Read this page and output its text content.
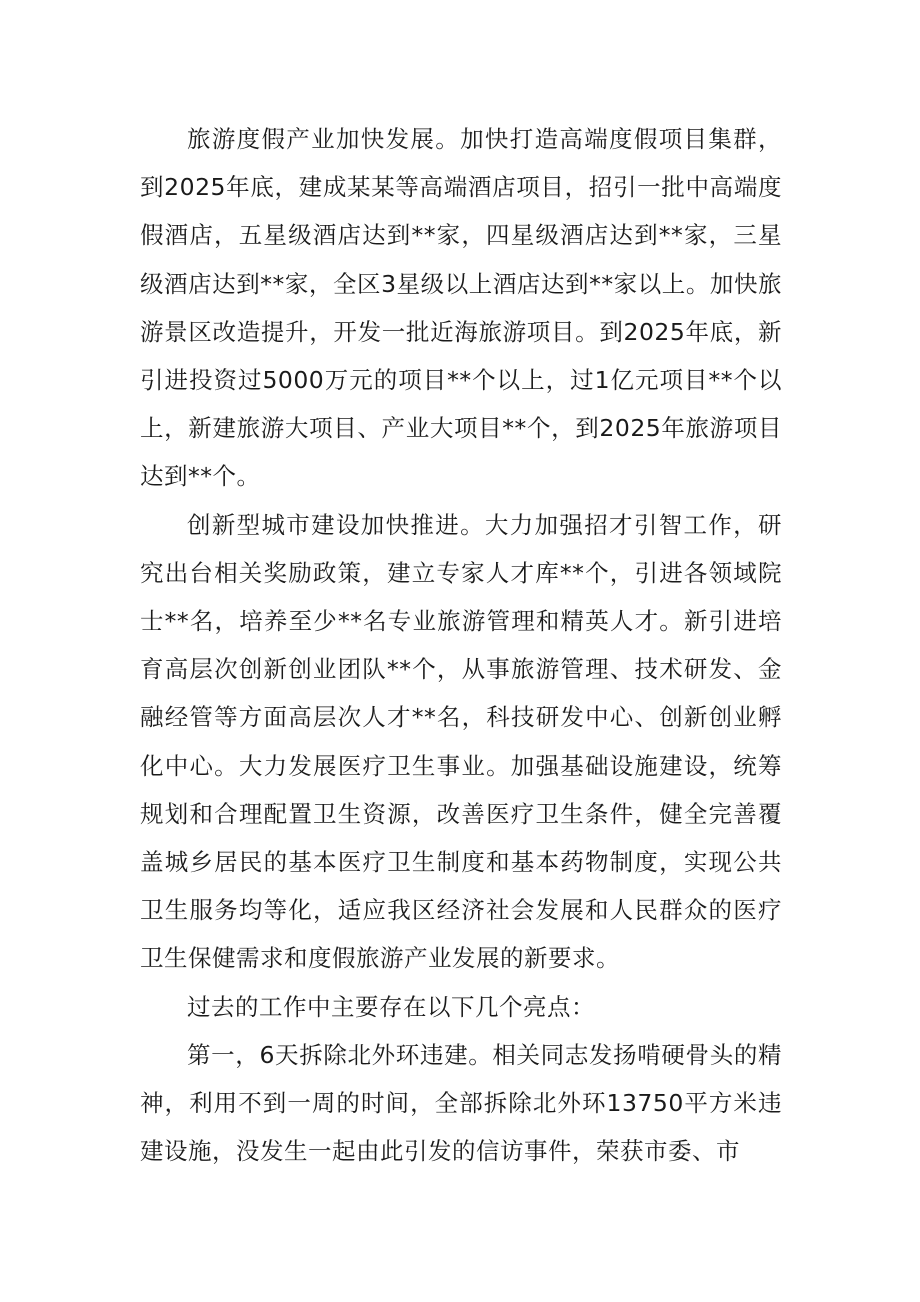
旅游度假产业加快发展。加快打造高端度假项目集群，到2025年底，建成某某等高端酒店项目，招引一批中高端度假酒店，五星级酒店达到**家，四星级酒店达到**家，三星级酒店达到**家，全区3星级以上酒店达到**家以上。加快旅游景区改造提升，开发一批近海旅游项目。到2025年底，新引进投资过5000万元的项目**个以上，过1亿元项目**个以上，新建旅游大项目、产业大项目**个，到2025年旅游项目达到**个。

创新型城市建设加快推进。大力加强招才引智工作，研究出台相关奖励政策，建立专家人才库**个，引进各领域院士**名，培养至少**名专业旅游管理和精英人才。新引进培育高层次创新创业团队**个，从事旅游管理、技术研发、金融经管等方面高层次人才**名，科技研发中心、创新创业孵化中心。大力发展医疗卫生事业。加强基础设施建设，统筹规划和合理配置卫生资源，改善医疗卫生条件，健全完善覆盖城乡居民的基本医疗卫生制度和基本药物制度，实现公共卫生服务均等化，适应我区经济社会发展和人民群众的医疗卫生保健需求和度假旅游产业发展的新要求。

过去的工作中主要存在以下几个亮点：

第一，6天拆除北外环违建。相关同志发扬啃硬骨头的精神，利用不到一周的时间，全部拆除北外环13750平方米违建设施，没发生一起由此引发的信访事件，荣获市委、市
